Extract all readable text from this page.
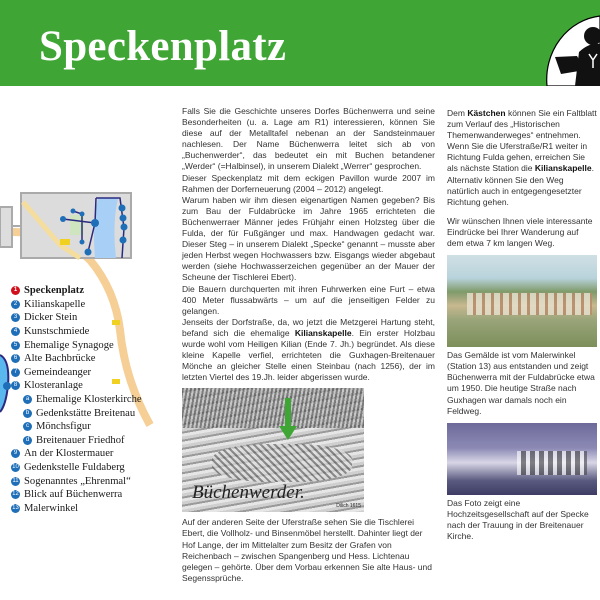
Speckenplatz
1 Speckenplatz
2 Kilianskapelle
3 Dicker Stein
4 Kunstschmiede
5 Ehemalige Synagoge
6 Alte Bachbrücke
7 Gemeindeanger
8 Klosteranlage
a Ehemalige Klosterkirche
b Gedenkstätte Breitenau
c Mönchsfigur
d Breitenauer Friedhof
9 An der Klostermauer
10 Gedenkstelle Fuldaberg
11 Sogenanntes „Ehrenmal“
12 Blick auf Büchenwerra
13 Malerwinkel

Falls Sie die Geschichte unseres Dorfes Büchenwerra und seine Besonderheiten (u. a. Lage am R1) interessieren, können Sie diese auf der Metalltafel nebenan an der Sandsteinmauer nachlesen. Der Name Büchenwerra leitet sich ab von „Buchenwerder“, das bedeutet ein mit Buchen betandener „Werder“ (=Halbinsel), in unserem Dialekt „Werrer“ gesprochen.

Dieser Speckenplatz mit dem eckigen Pavillon wurde 2007 im Rahmen der Dorferneuerung (2004 – 2012) angelegt.

Warum haben wir ihm diesen eigenartigen Namen gegeben? Bis zum Bau der Fuldabrücke im Jahre 1965 errichteten die Büchenwerraer Männer jedes Frühjahr einen Holzsteg über die Fulda, der für Fußgänger und max. Handwagen gedacht war. Dieser Steg – in unserem Dialekt „Specke“ genannt – musste aber jeden Herbst wegen Hochwassers bzw. Eisgangs wieder abgebaut werden (siehe Hochwasserzeichen gegenüber an der Mauer der Scheune der Tischlerei Ebert).

Die Bauern durchquerten mit ihren Fuhrwerken eine Furt – etwa 400 Meter flussabwärts – um auf die jenseitigen Felder zu gelangen.

Jenseits der Dorfstraße, da, wo jetzt die Metzgerei Hartung steht, befand sich die ehemalige Kilianskapelle. Ein erster Holzbau wurde wohl vom Heiligen Kilian (Ende 7. Jh.) begründet. Als diese kleine Kapelle verfiel, errichteten die Guxhagen-Breitenauer Mönche an gleicher Stelle einen Steinbau (nach 1256), der im letzten Viertel des 19.Jh. leider abgerissen wurde.

Büchenwerder.
Dilich 1615

Auf der anderen Seite der Uferstraße sehen Sie die Tischlerei Ebert, die Vollholz- und Binsenmöbel herstellt. Dahinter liegt der Hof Lange, der im Mittelalter zum Besitz der Grafen von Reichenbach – zwischen Spangenberg und Hess. Lichtenau gelegen – gehörte. Über dem Vorbau erkennen Sie alte Haus- und Segenssprüche.

Dem Kästchen können Sie ein Faltblatt zum Verlauf des „Historischen Themenwanderweges“ entnehmen. Wenn Sie die Uferstraße/R1 weiter in Richtung Fulda gehen, erreichen Sie als nächste Station die Kilianskapelle.

Alternativ können Sie den Weg natürlich auch in entgegengesetzter Richtung gehen.

Wir wünschen Ihnen viele interessante Eindrücke bei Ihrer Wanderung auf dem etwa 7 km langen Weg.

Das Gemälde ist vom Malerwinkel (Station 13) aus entstanden und zeigt Büchenwerra mit der Fuldabrücke etwa um 1950. Die heutige Straße nach Guxhagen war damals noch ein Feldweg.

Das Foto zeigt eine Hochzeitsgesellschaft auf der Specke nach der Trauung in der Breitenauer Kirche.
